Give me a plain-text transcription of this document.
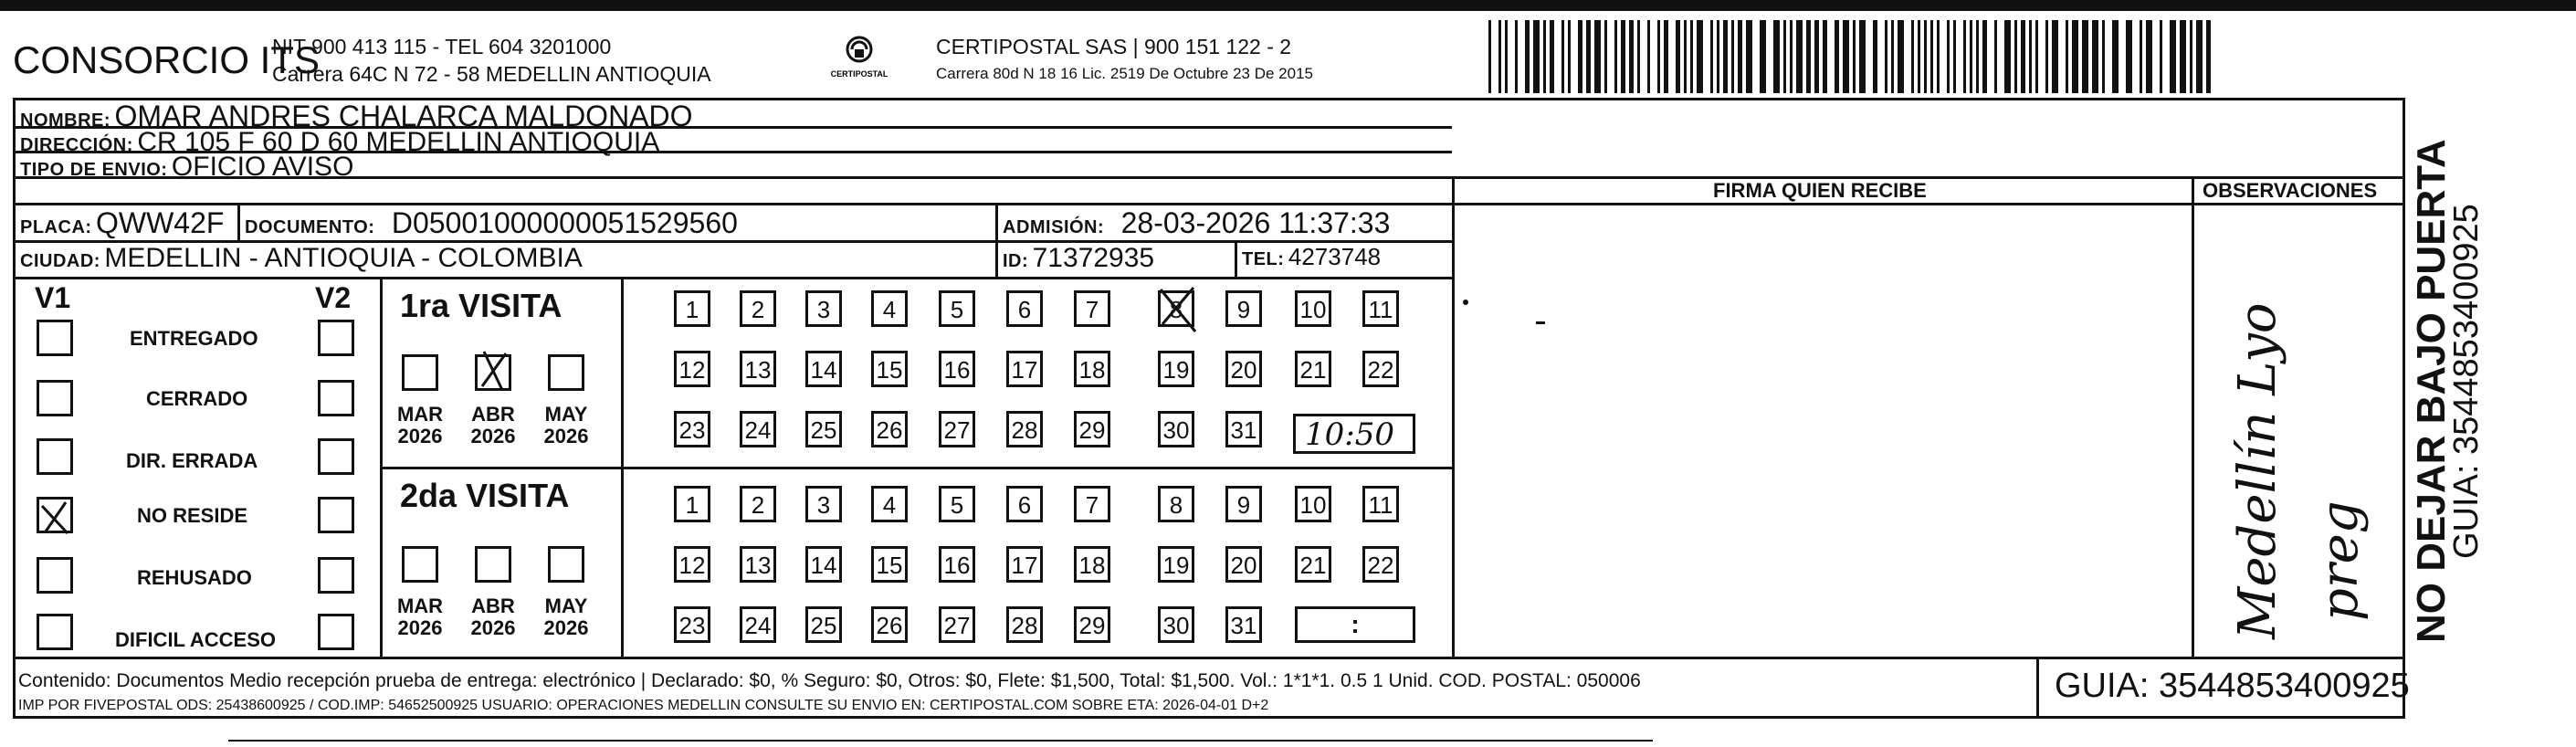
CONSORCIO ITS
NIT 900 413 115 - TEL 604 3201000
Carrera 64C N 72 - 58 MEDELLIN ANTIOQUIA	CERTIPOSTAL
CERTIPOSTAL SAS | 900 151 122 - 2
Carrera 80d N 18 16 Lic. 2519 De Octubre 23 De 2015
NOMBRE: OMAR ANDRES CHALARCA MALDONADO
DIRECCIÓN: CR 105 F 60 D 60 MEDELLIN ANTIOQUIA
TIPO DE ENVIO: OFICIO AVISO
FIRMA QUIEN RECIBE	OBSERVACIONES
PLACA: QWW42F DOCUMENTO: D05001000000051529560	ADMISIÓN: 28-03-2026 11:37:33
CIUDAD: MEDELLIN - ANTIOQUIA - COLOMBIA	ID: 71372935	TEL: 4273748
V1	V2
ENTREGADO
CERRADO
DIR. ERRADA
NO RESIDE
REHUSADO
DIFICIL ACCESO
1ra VISITA
MAR
2026
ABR
2026
MAY
2026
1	2	3	4	5	6	7	8	9	10 11
12 13 14 15 16 17 18 19 20 21 22
23 24 25 26 27 28 29 30 31 10:50
2da VISITA
MAR
2026
ABR
2026
MAY
2026
1	2	3	4	5	6	7	8	9	10 11
12 13 14 15 16 17 18 19 20 21 22
23 24 25 26 27 28 29 30 31	:	Medellín Lyo preg NO DEJAR BAJO PUERTA
GUIA: 3544853400925
Contenido: Documentos Medio recepción prueba de entrega: electrónico | Declarado: $0, % Seguro: $0, Otros: $0, Flete: $1,500, Total: $1,500. Vol.: 1*1*1. 0.5 1 Unid. COD. POSTAL: 050006
IMP POR FIVEPOSTAL ODS: 25438600925 / COD.IMP: 54652500925 USUARIO: OPERACIONES MEDELLIN CONSULTE SU ENVIO EN: CERTIPOSTAL.COM SOBRE ETA: 2026-04-01 D+2
GUIA: 3544853400925
